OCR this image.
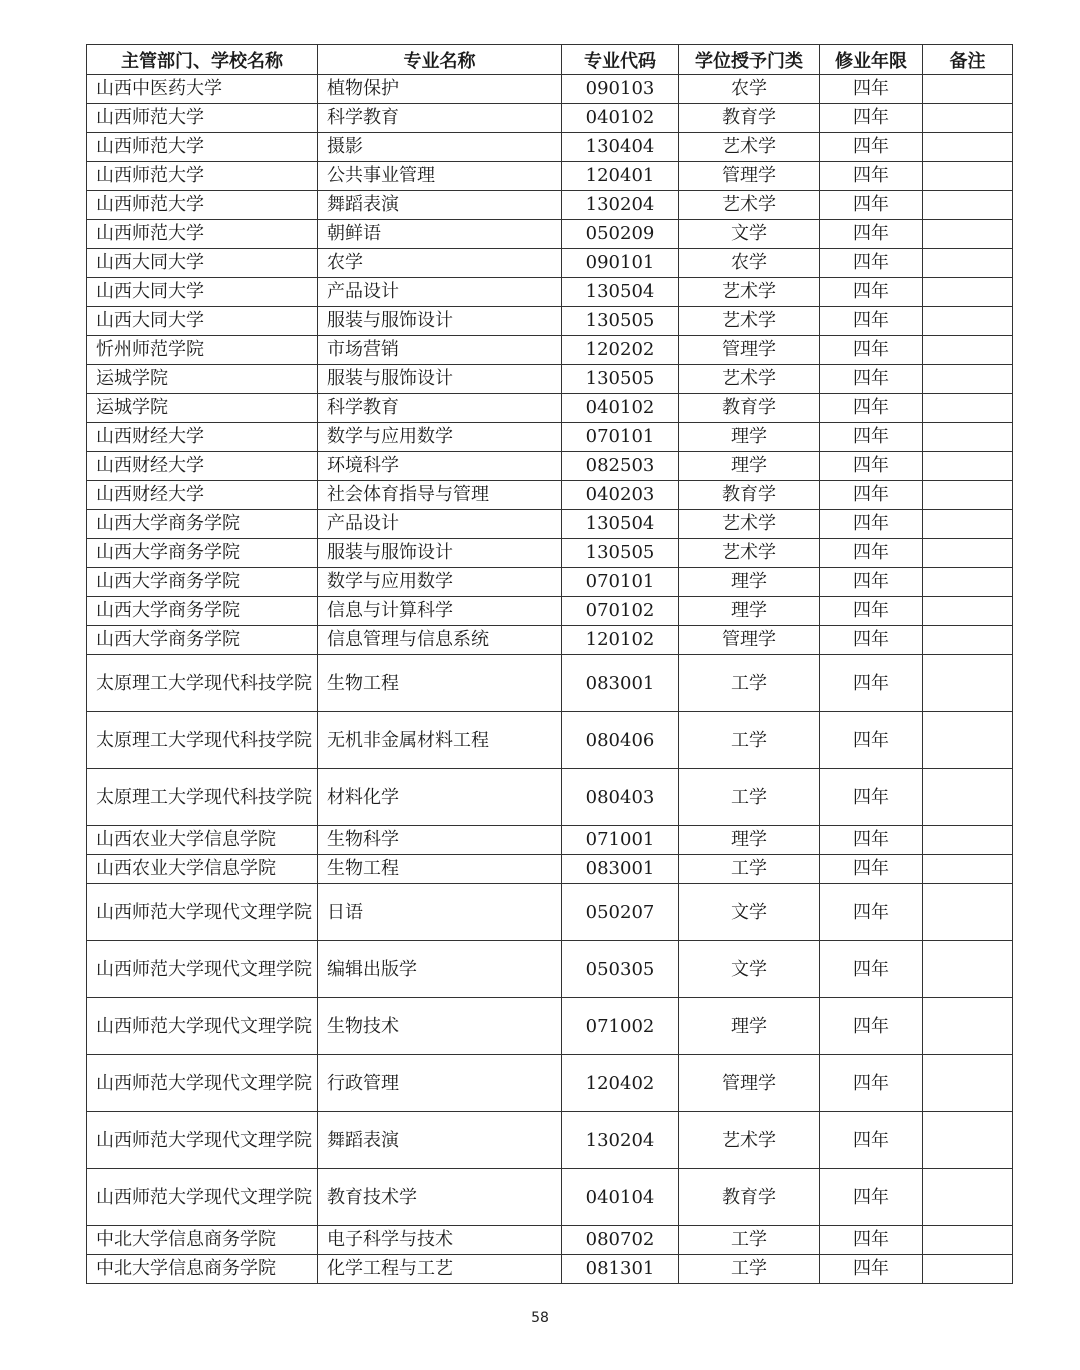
主管部门、学校名称	专业名称	专业代码	学位授予门类	修业年限	备注
山西中医药大学	植物保护	090103	农学	四年	
山西师范大学	科学教育	040102	教育学	四年	
山西师范大学	摄影	130404	艺术学	四年	
山西师范大学	公共事业管理	120401	管理学	四年	
山西师范大学	舞蹈表演	130204	艺术学	四年	
山西师范大学	朝鲜语	050209	文学	四年	
山西大同大学	农学	090101	农学	四年	
山西大同大学	产品设计	130504	艺术学	四年	
山西大同大学	服装与服饰设计	130505	艺术学	四年	
忻州师范学院	市场营销	120202	管理学	四年	
运城学院	服装与服饰设计	130505	艺术学	四年	
运城学院	科学教育	040102	教育学	四年	
山西财经大学	数学与应用数学	070101	理学	四年	
山西财经大学	环境科学	082503	理学	四年	
山西财经大学	社会体育指导与管理	040203	教育学	四年	
山西大学商务学院	产品设计	130504	艺术学	四年	
山西大学商务学院	服装与服饰设计	130505	艺术学	四年	
山西大学商务学院	数学与应用数学	070101	理学	四年	
山西大学商务学院	信息与计算科学	070102	理学	四年	
山西大学商务学院	信息管理与信息系统	120102	管理学	四年	
太原理工大学现代科技学院	生物工程	083001	工学	四年	
太原理工大学现代科技学院	无机非金属材料工程	080406	工学	四年	
太原理工大学现代科技学院	材料化学	080403	工学	四年	
山西农业大学信息学院	生物科学	071001	理学	四年	
山西农业大学信息学院	生物工程	083001	工学	四年	
山西师范大学现代文理学院	日语	050207	文学	四年	
山西师范大学现代文理学院	编辑出版学	050305	文学	四年	
山西师范大学现代文理学院	生物技术	071002	理学	四年	
山西师范大学现代文理学院	行政管理	120402	管理学	四年	
山西师范大学现代文理学院	舞蹈表演	130204	艺术学	四年	
山西师范大学现代文理学院	教育技术学	040104	教育学	四年	
中北大学信息商务学院	电子科学与技术	080702	工学	四年	
中北大学信息商务学院	化学工程与工艺	081301	工学	四年	
58
